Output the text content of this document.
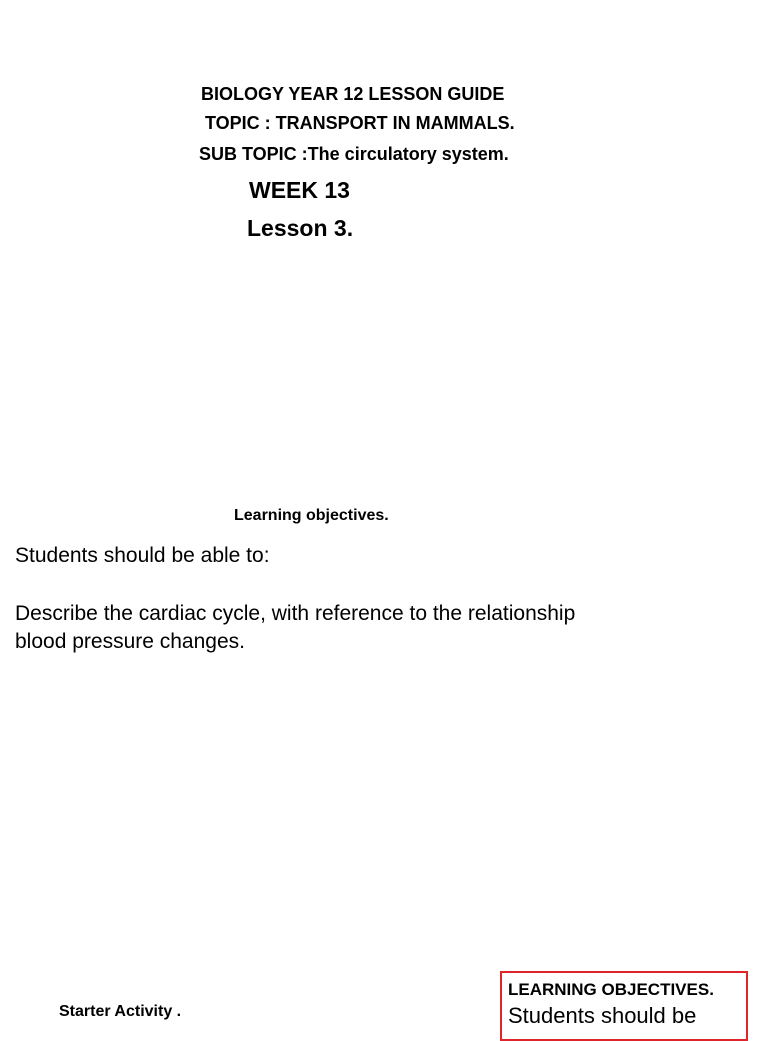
BIOLOGY YEAR 12 LESSON GUIDE
TOPIC : TRANSPORT IN MAMMALS.
SUB TOPIC :The circulatory system.
WEEK 13
Lesson 3.
Learning objectives.
Students should be able to:
Describe the cardiac cycle, with reference to the relationship
blood pressure changes.
Starter Activity .
LEARNING OBJECTIVES.
Students should be
